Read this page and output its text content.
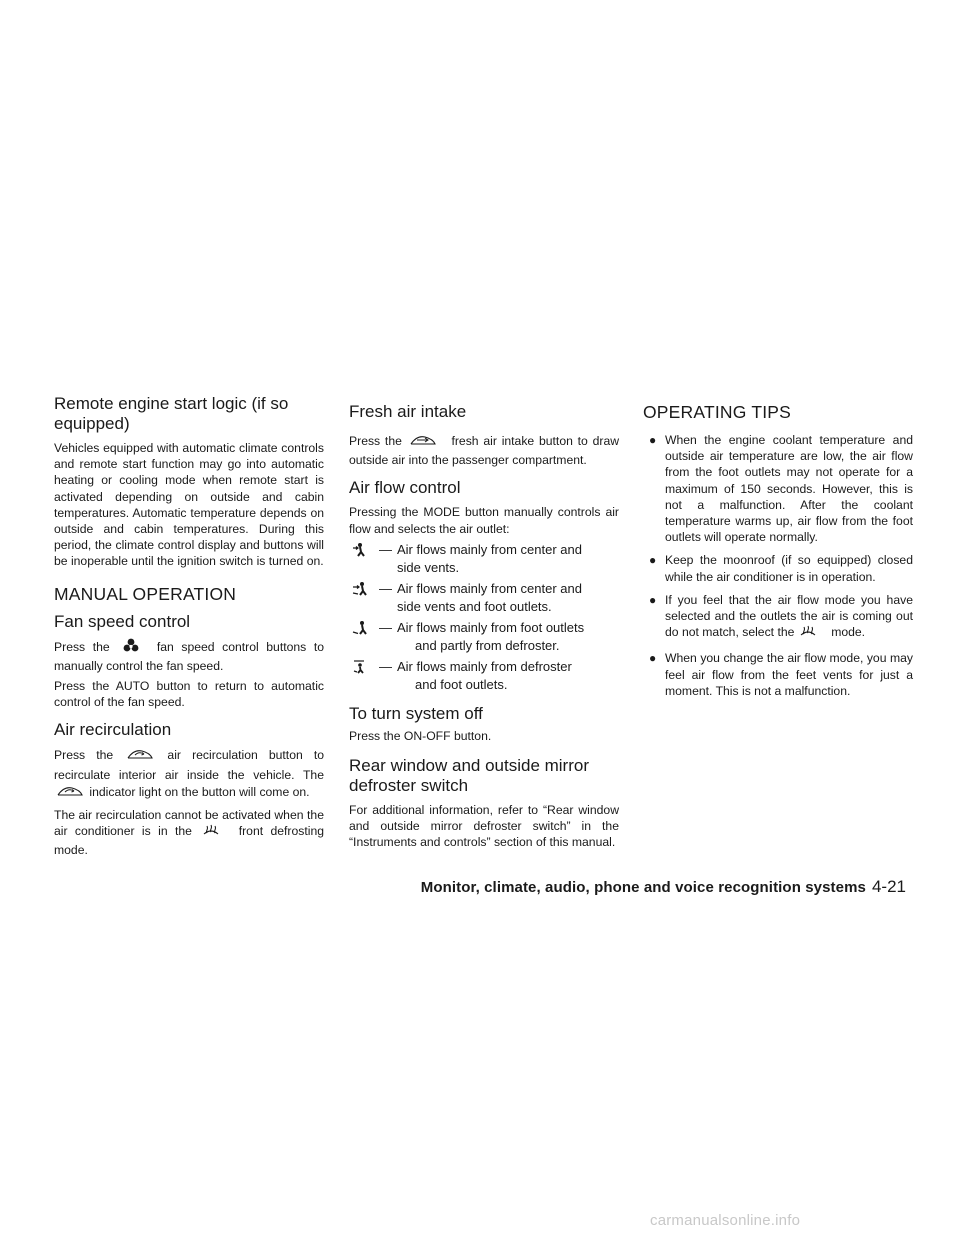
Remote engine start logic (if so equipped)

Vehicles equipped with automatic climate controls and remote start function may go into automatic heating or cooling mode when remote start is activated depending on outside and cabin temperatures. Automatic temperature depends on outside and cabin temperatures. During this period, the climate control display and buttons will be inoperable until the ignition switch is turned on.

MANUAL OPERATION
Fan speed control

Press the	fan speed control buttons to manually control the fan speed.

Press the AUTO button to return to automatic control of the fan speed.

Air recirculation

Press the	air recirculation button to recirculate interior air inside the vehicle. The  indicator light on the button will come on.

The air recirculation cannot be activated when the air conditioner is in the	front defrosting mode.

Fresh air intake

Press the	fresh air intake button to draw outside air into the passenger compartment.

Air flow control

Pressing the MODE button manually controls air flow and selects the air outlet:

— Air flows mainly from center and
side vents.
— Air flows mainly from center and
side vents and foot outlets.
— Air flows mainly from foot outlets
and partly from defroster.
— Air flows mainly from defroster
and foot outlets.
To turn system off

Press the ON-OFF button.

Rear window and outside mirror defroster switch

For additional information, refer to “Rear window and outside mirror defroster switch” in the “Instruments and controls” section of this manual.

OPERATING TIPS
● When the engine coolant temperature and outside air temperature are low, the air flow from the foot outlets may not operate for a maximum of 150 seconds. However, this is not a malfunction. After the coolant temperature warms up, air flow from the foot outlets will operate normally.
● Keep the moonroof (if so equipped) closed while the air conditioner is in operation.
● If you feel that the air flow mode you have selected and the outlets the air is coming out do not match, select the	mode.
● When you change the air flow mode, you may feel air flow from the feet vents for just a moment. This is not a malfunction.
Monitor, climate, audio, phone and voice recognition systems 4-21
carmanualsonline.info
